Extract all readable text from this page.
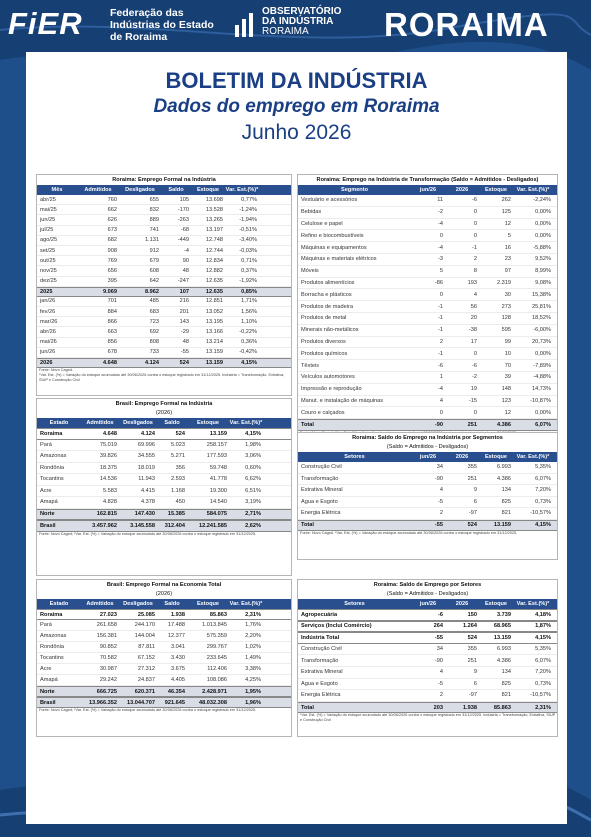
FiER	Federação das
Indústrias do Estado
de Roraima
OBSERVATÓRIO
DA INDÚSTRIA
RORAIMA	RORAIMA
BOLETIM DA INDÚSTRIA
Dados do emprego em Roraima
Junho 2026
Roraima: Emprego Formal na Indústria
Mês	Admitidos	Desligados	Saldo	Estoque	Var. Est.(%)*
abr/25	760	655	105	13.698	0,77%
mai/25	662	832	-170	13.528	-1,24%
jun/25	626	889	-263	13.265	-1,94%
jul/25	673	741	-68	13.197	-0,51%
ago/25	682	1.131	-449	12.748	-3,40%
set/25	908	912	-4	12.744	-0,03%
out/25	769	679	90	12.834	0,71%
nov/25	656	608	48	12.882	0,37%
dez/25	395	642	-247	12.635	-1,92%
2025	9.069	8.962	107	12.635	0,85%
jan/26	701	485	216	12.851	1,71%
fev/26	884	683	201	13.052	1,56%
mar/26	866	723	143	13.195	1,10%
abr/26	663	692	-29	13.166	-0,22%
mai/26	856	808	48	13.214	0,36%
jun/26	678	733	-55	13.159	-0,42%
2026	4.648	4.124	524	13.159	4,15%
Fonte: Novo Caged.
*Var. Est. (%) = Variação do estoque acumulado até 30/06/2026 contra o estoque registrado em 31/12/2025. Indústria = Transformação, Extrativa, SIUP e Construção Civil
Roraima: Emprego na Indústria de Transformação (Saldo = Admitidos - Desligados)
Segmento	jun/26	2026	Estoque	Var. Est.(%)*
Vestuário e acessórios	11	-6	262	-2,24%
Bebidas	-2	0	125	0,00%
Celulose e papel	-4	0	12	0,00%
Refino e biocombustíveis	0	0	5	0,00%
Máquinas e equipamentos	-4	-1	16	-5,88%
Máquinas e materiais elétricos	-3	2	23	9,52%
Móveis	5	8	97	8,99%
Produtos alimentícios	-86	193	2.319	9,08%
Borracha e plásticos	0	4	30	15,38%
Produtos de madeira	-1	56	273	25,81%
Produtos de metal	-1	20	128	18,52%
Minerais não-metálicos	-1	-38	595	-6,00%
Produtos diversos	2	17	99	20,73%
Produtos químicos	-1	0	10	0,00%
Têxteis	-6	-6	70	-7,89%
Veículos automotores	1	-2	39	-4,88%
Impressão e reprodução	-4	19	148	14,73%
Manut. e instalação de máquinas	4	-15	123	-10,87%
Couro e calçados	0	0	12	0,00%
Total	-90	251	4.386	6,07%
Brasil: Emprego Formal na Indústria
(2026)
Estado	Admitidos	Desligados	Saldo	Estoque	Var. Est.(%)*
Roraima	4.648	4.124	524	13.159	4,15%
Pará	75.019	69.996	5.023	258.157	1,98%
Amazonas	39.826	34.555	5.271	177.593	3,06%
Rondônia	18.375	18.019	356	59.748	0,60%
Tocantins	14.536	11.943	2.593	41.778	6,62%
Acre	5.583	4.415	1.168	19.300	6,51%
Amapá	4.828	4.378	450	14.540	3,19%
Norte	162.815	147.430	15.385	584.075	2,71%
Brasil	3.457.962	3.145.558	312.404	12.241.585	2,62%
Fonte: Novo Caged; *Var. Est. (%) = Variação do estoque acumulado até 30/06/2026 contra o estoque registrado em 31/12/2025.
Roraima: Saldo do Emprego na Indústria por Segmentos
(Saldo = Admitidos - Desligados)
Setores	jun/26	2026	Estoque	Var. Est.(%)*
Construção Civil	34	355	6.993	5,35%
Transformação	-90	251	4.386	6,07%
Extrativa Mineral	4	9	134	7,20%
Água e Esgoto	-5	6	825	0,73%
Energia Elétrica	2	-97	821	-10,57%
Total	-55	524	13.159	4,15%
Fonte: Novo Caged. *Var. Est. (%) = Variação do estoque acumulado até 30/06/2026 contra o estoque registrado em 31/12/2025.
Brasil: Emprego Formal na Economia Total
(2026)
Estado	Admitidos	Desligados	Saldo	Estoque	Var. Est.(%)*
Roraima	27.023	25.085	1.938	85.863	2,31%
Pará	261.658	244.170	17.488	1.013.845	1,76%
Amazonas	156.381	144.004	12.377	575.359	2,20%
Rondônia	90.852	87.811	3.041	299.767	1,02%
Tocantins	70.582	67.152	3.430	233.645	1,49%
Acre	30.987	27.312	3.675	112.406	3,38%
Amapá	29.242	24.837	4.405	108.086	4,25%
Norte	666.725	620.371	46.354	2.428.971	1,95%
Brasil	13.966.352	13.044.707	921.645	48.032.308	1,96%
Fonte: Novo Caged; *Var. Est. (%) = Variação do estoque acumulado até 30/06/2026 contra o estoque registrado em 31/12/2025.
Roraima: Saldo de Emprego por Setores
(Saldo = Admitidos - Desligados)
Setores	jun/26	2026	Estoque	Var. Est.(%)*
Agropecuária	-6	150	3.739	4,18%
Serviços (Inclui Comércio)	264	1.264	68.965	1,87%
Indústria Total	-55	524	13.159	4,15%
Construção Civil	34	355	6.993	5,35%
Transformação	-90	251	4.386	6,07%
Extrativa Mineral	4	9	134	7,20%
Água e Esgoto	-5	6	825	0,73%
Energia Elétrica	2	-97	821	-10,57%
Total	203	1.938	85.863	2,31%
*Var. Est. (%) = Variação do estoque acumulado até 30/06/2026 contra o estoque registrado em 31/12/2025. Indústria = Transformação, Extrativa, SIUP e Construção Civil
